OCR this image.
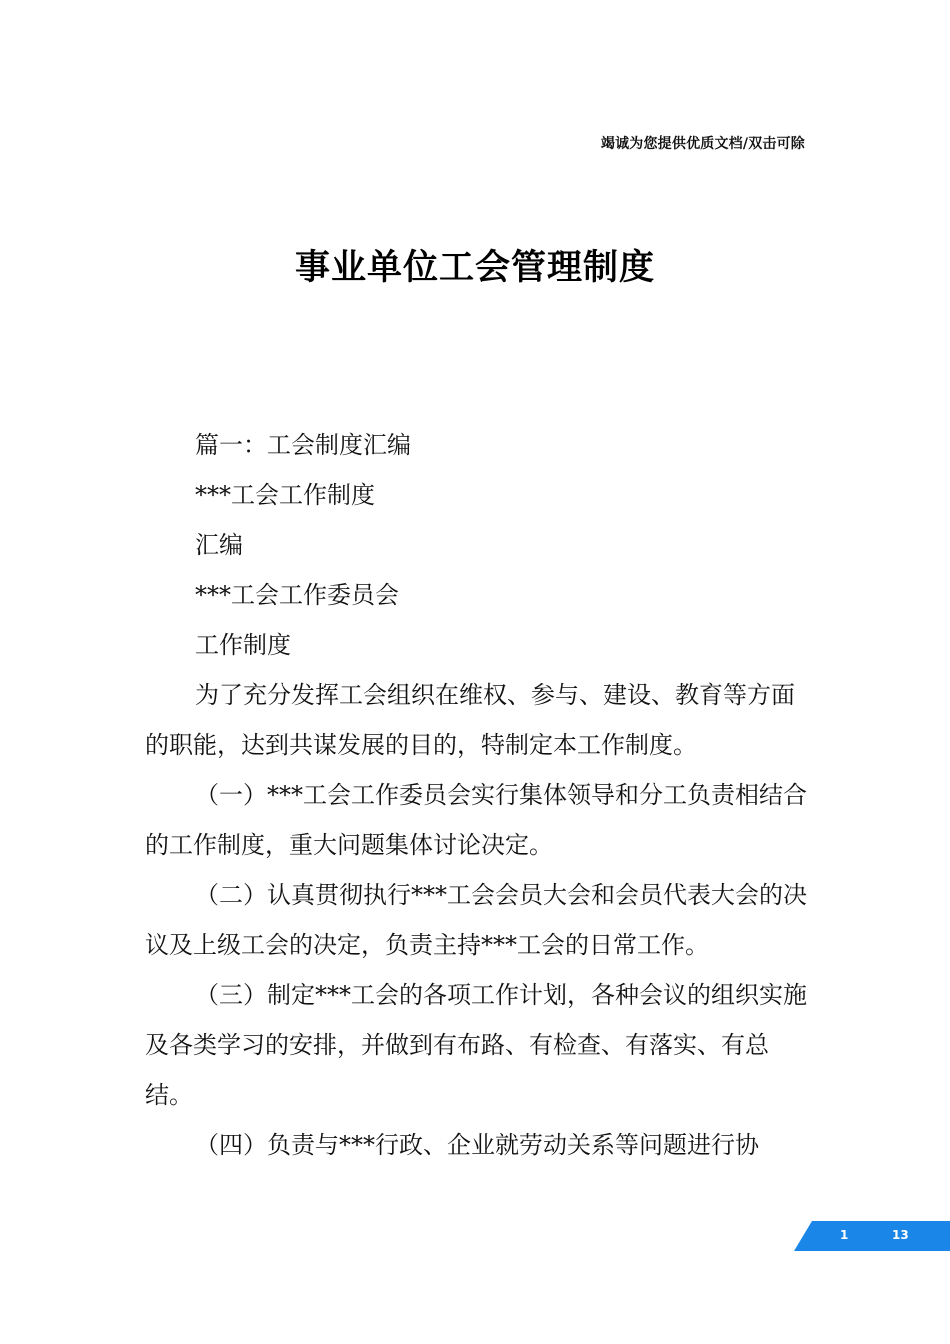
竭诚为您提供优质文档/双击可除
事业单位工会管理制度

篇一：工会制度汇编

***工会工作制度

汇编

***工会工作委员会

工作制度

为了充分发挥工会组织在维权、参与、建设、教育等方面的职能，达到共谋发展的目的，特制定本工作制度。

（一）***工会工作委员会实行集体领导和分工负责相结合的工作制度，重大问题集体讨论决定。

（二）认真贯彻执行***工会会员大会和会员代表大会的决议及上级工会的决定，负责主持***工会的日常工作。

（三）制定***工会的各项工作计划，各种会议的组织实施及各类学习的安排，并做到有布路、有检查、有落实、有总结。

（四）负责与***行政、企业就劳动关系等问题进行协

1	13
